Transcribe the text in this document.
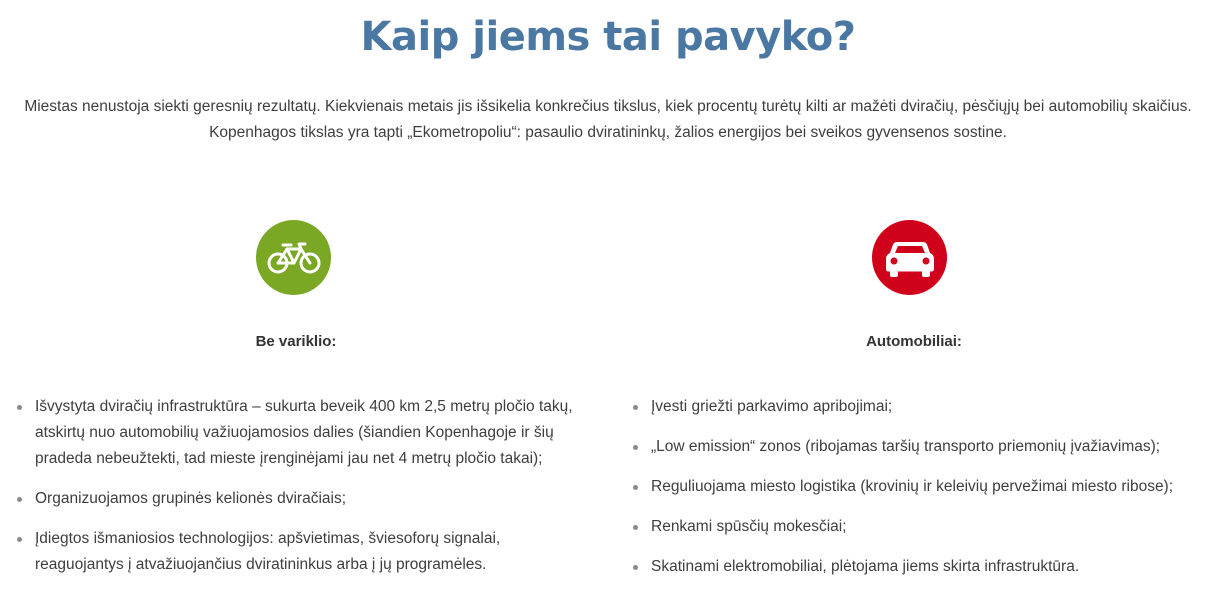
Kaip jiems tai pavyko?

Miestas nenustoja siekti geresnių rezultatų. Kiekvienais metais jis išsikelia konkrečius tikslus, kiek procentų turėtų kilti ar mažėti dviračių, pėsčiųjų bei automobilių skaičius. Kopenhagos tikslas yra tapti „Ekometropoliu“: pasaulio dviratininkų, žalios energijos bei sveikos gyvensenos sostine.

Be variklio:
Išvystyta dviračių infrastruktūra – sukurta beveik 400 km 2,5 metrų pločio takų, atskirtų nuo automobilių važiuojamosios dalies (šiandien Kopenhagoje ir šių pradeda nebeužtekti, tad mieste įrenginėjami jau net 4 metrų pločio takai);
Organizuojamos grupinės kelionės dviračiais;
Įdiegtos išmaniosios technologijos: apšvietimas, šviesoforų signalai, reaguojantys į atvažiuojančius dviratininkus arba į jų programėles.
Automobiliai:
Įvesti griežti parkavimo apribojimai;
„Low emission“ zonos (ribojamas taršių transporto priemonių įvažiavimas);
Reguliuojama miesto logistika (krovinių ir keleivių pervežimai miesto ribose);
Renkami spūsčių mokesčiai;
Skatinami elektromobiliai, plėtojama jiems skirta infrastruktūra.
